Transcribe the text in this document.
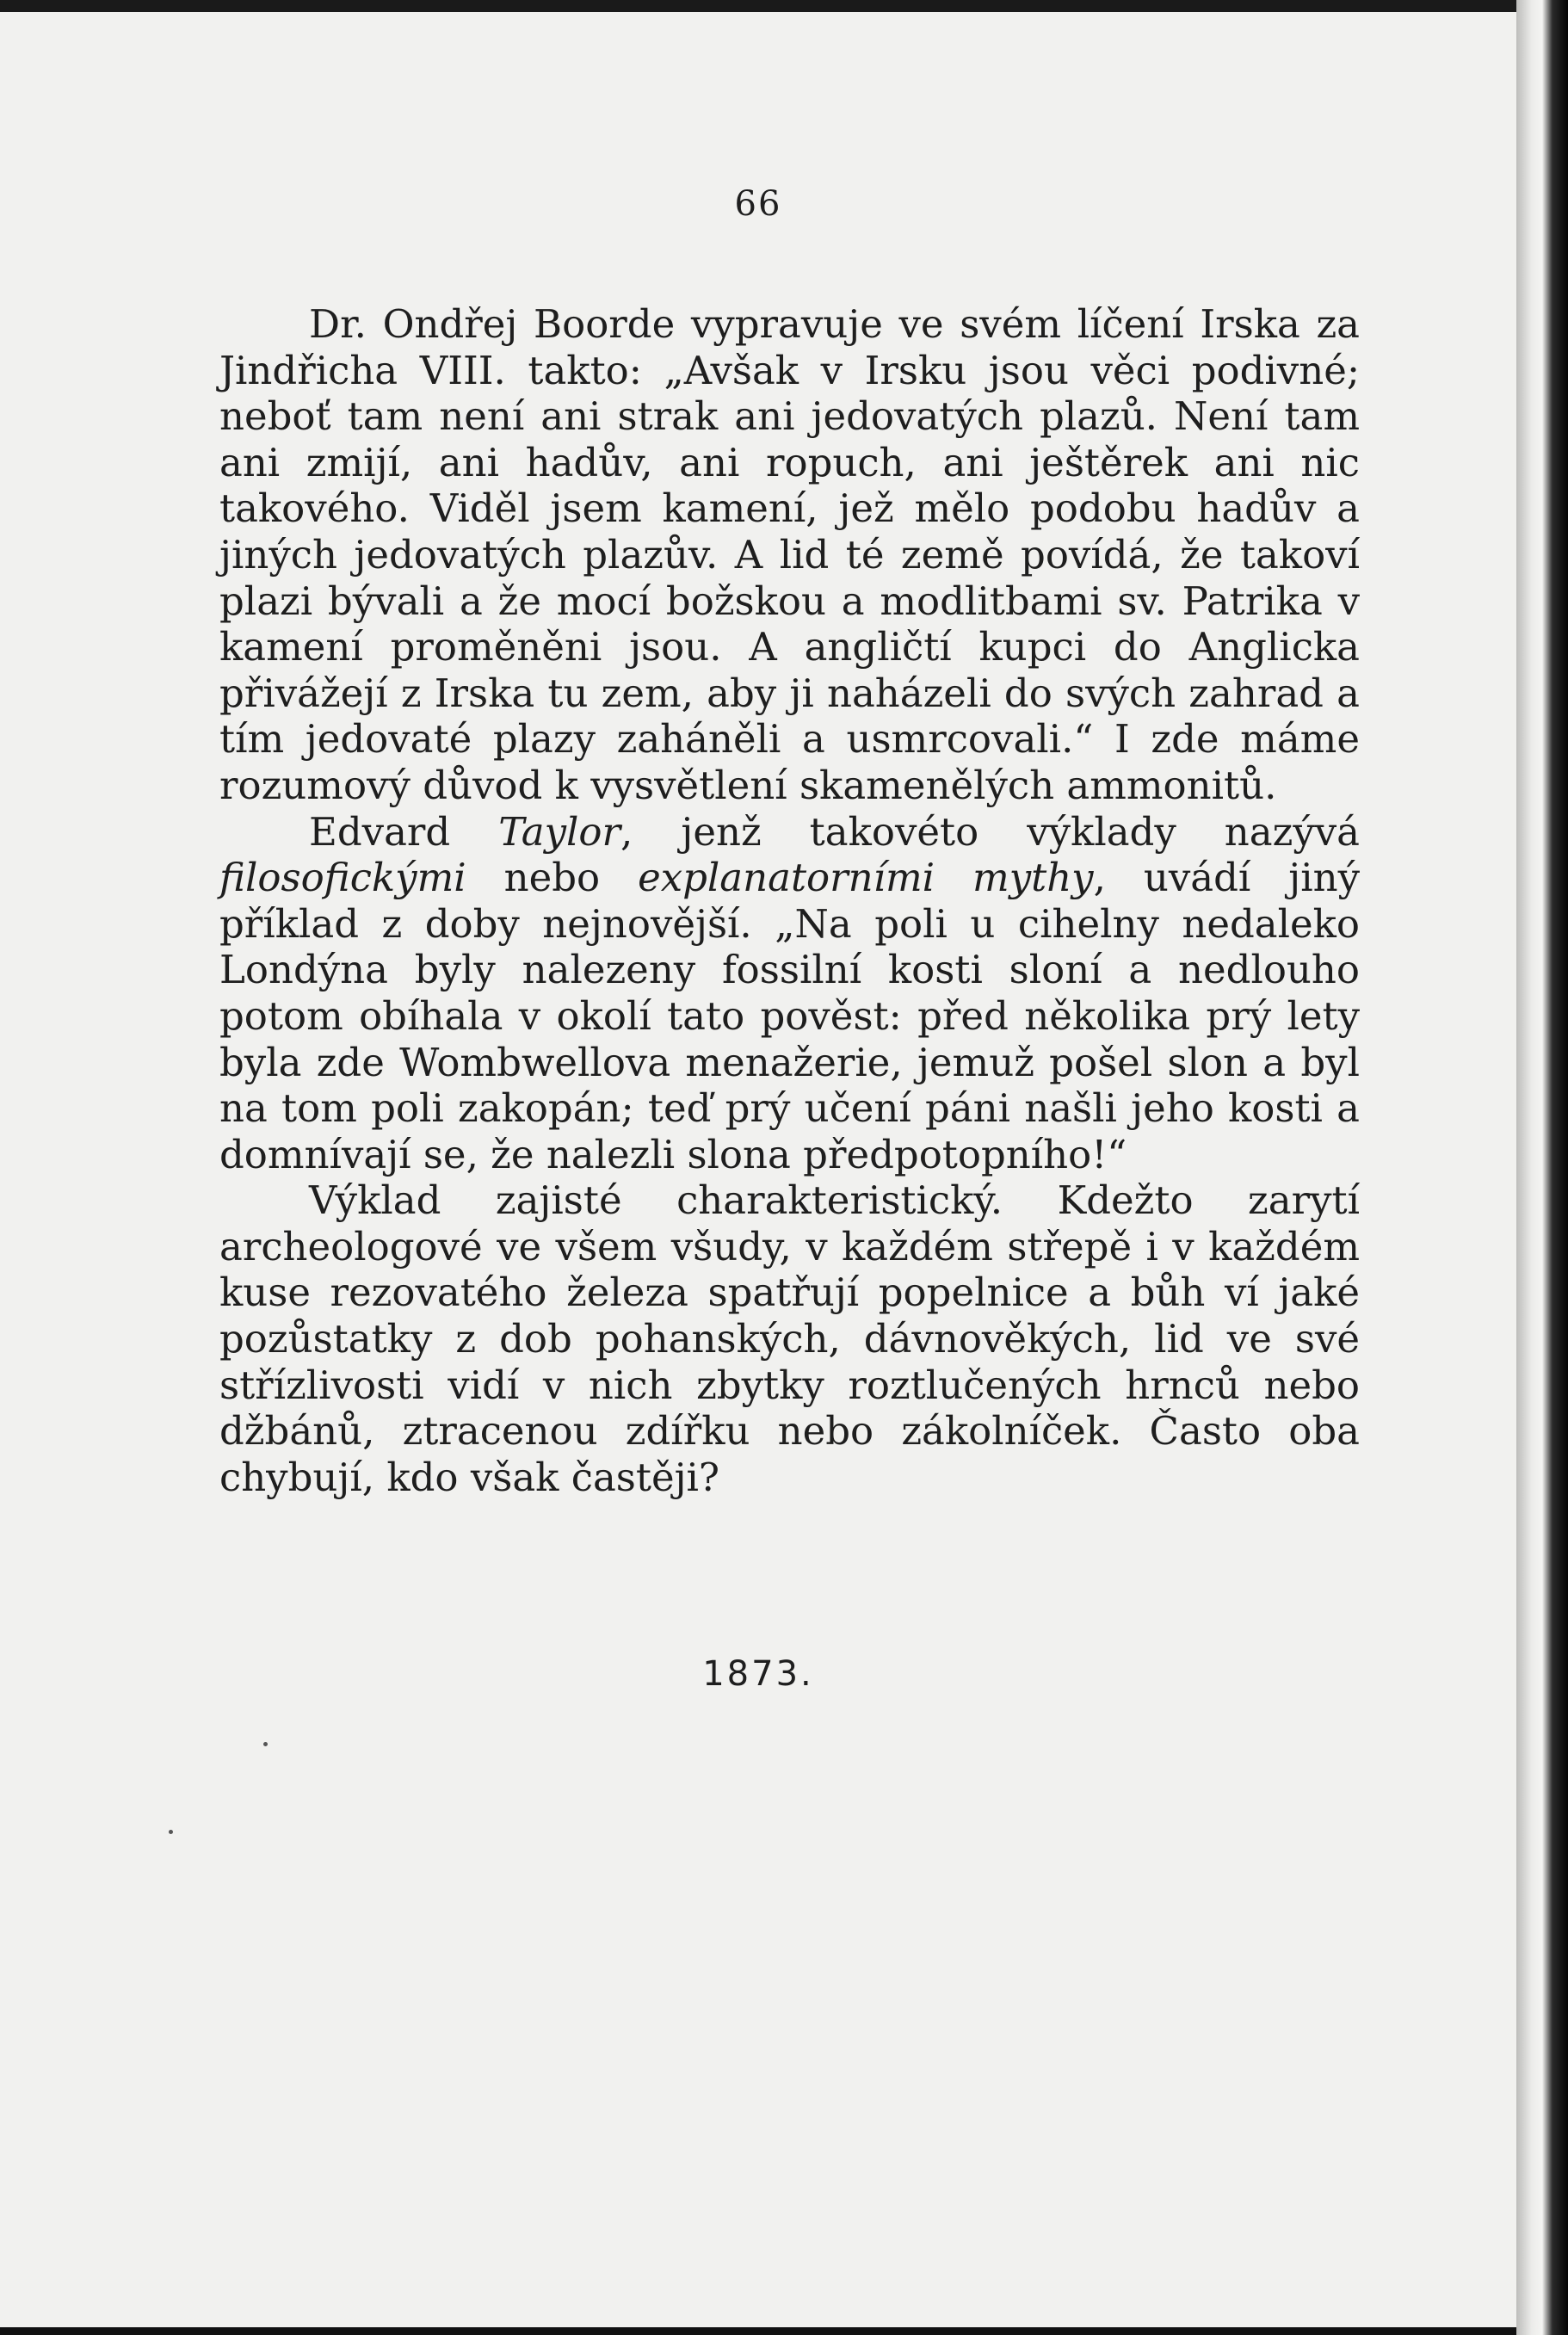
66

Dr. Ondřej Boorde vypravuje ve svém líčení Irska za Jindřicha VIII. takto: „Avšak v Irsku jsou věci podivné; neboť tam není ani strak ani jedovatých plazů. Není tam ani zmijí, ani hadův, ani ropuch, ani ještěrek ani nic takového. Viděl jsem kamení, jež mělo podobu hadův a jiných jedovatých plazův. A lid té země povídá, že takoví plazi bývali a že mocí božskou a modlitbami sv. Patrika v kamení proměněni jsou. A angličtí kupci do Anglicka přivážejí z Irska tu zem, aby ji naházeli do svých zahrad a tím jedovaté plazy zaháněli a usmrcovali.“ I zde máme rozumový důvod k vysvětlení skamenělých ammonitů.

Edvard Taylor, jenž takovéto výklady nazývá filosofickými nebo explanatorními mythy, uvádí jiný příklad z doby nejnovější. „Na poli u cihelny nedaleko Londýna byly nalezeny fossilní kosti sloní a nedlouho potom obíhala v okolí tato pověst: před několika prý lety byla zde Wombwellova menažerie, jemuž pošel slon a byl na tom poli zakopán; teď prý učení páni našli jeho kosti a domnívají se, že nalezli slona předpotopního!“

Výklad zajisté charakteristický. Kdežto zarytí archeologové ve všem všudy, v každém střepě i v každém kuse rezovatého železa spatřují popelnice a bůh ví jaké pozůstatky z dob pohanských, dávnověkých, lid ve své střízlivosti vidí v nich zbytky roztlučených hrnců nebo džbánů, ztracenou zdířku nebo zákolníček. Často oba chybují, kdo však častěji?

1873.
